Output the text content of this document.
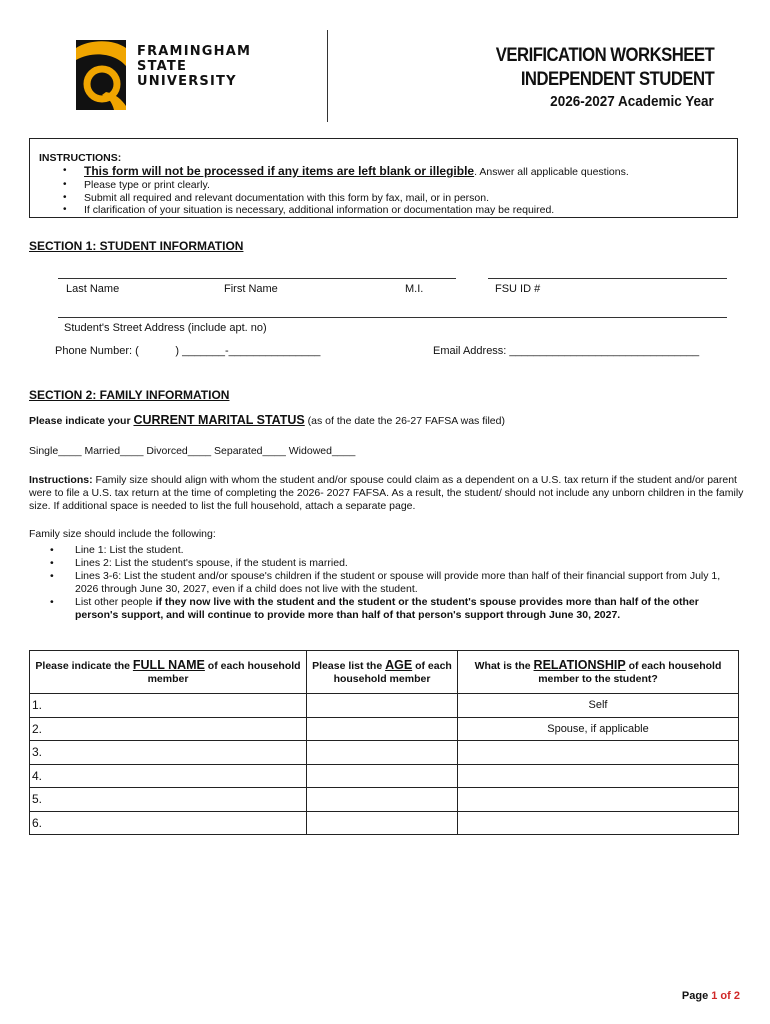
FRAMINGHAM
STATE
UNIVERSITY
VERIFICATION WORKSHEET
INDEPENDENT STUDENT
2026-2027 Academic Year
INSTRUCTIONS:
• This form will not be processed if any items are left blank or illegible. Answer all applicable questions.
• Please type or print clearly.
• Submit all required and relevant documentation with this form by fax, mail, or in person.
• If clarification of your situation is necessary, additional information or documentation may be required.
SECTION 1: STUDENT INFORMATION
Last Name	First Name	M.I.	FSU ID #
Student's Street Address (include apt. no)
Phone Number: (            ) _______-_______________	Email Address: _______________________________
SECTION 2: FAMILY INFORMATION
Please indicate your CURRENT MARITAL STATUS (as of the date the 26-27 FAFSA was filed)
Single____ Married____ Divorced____ Separated____ Widowed____
Instructions: Family size should align with whom the student and/or spouse could claim as a dependent on a U.S. tax return if the student and/or parent were to file a U.S. tax return at the time of completing the 2026- 2027 FAFSA. As a result, the student/ should not include any unborn children in the family size. If additional space is needed to list the full household, attach a separate page.
Family size should include the following:
• Line 1: List the student.
• Lines 2: List the student's spouse, if the student is married.
• Lines 3-6: List the student and/or spouse's children if the student or spouse will provide more than half of their financial support from July 1, 2026 through June 30, 2027, even if a child does not live with the student.
• List other people if they now live with the student and the student or the student's spouse provides more than half of the other person's support, and will continue to provide more than half of that person's support through June 30, 2027.
Please indicate the FULL NAME of each household member	Please list the AGE of each household member	What is the RELATIONSHIP of each household member to the student?
1.		Self
2.		Spouse, if applicable
3.		
4.		
5.		
6.		
Page 1 of 2
